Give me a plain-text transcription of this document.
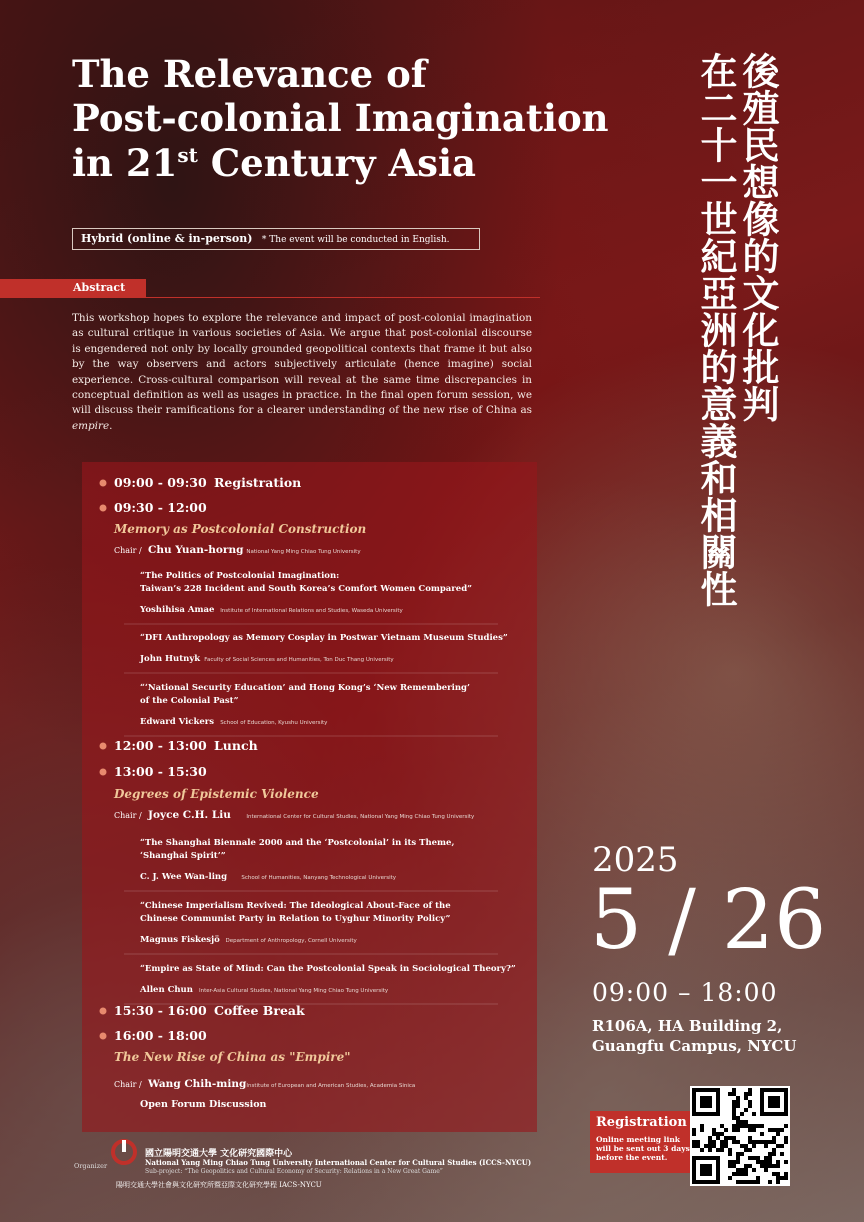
The Relevance of
Post-colonial Imagination
in 21st Century Asia
Hybrid (online & in-person) * The event will be conducted in English.	後殖民想像的文化批判
在二十一世紀亞洲的意義和相關性
Abstract

This workshop hopes to explore the relevance and impact of post-colonial imagination as cultural critique in various societies of Asia. We argue that post-colonial discourse is engendered not only by locally grounded geopolitical contexts that frame it but also by the way observers and actors subjectively articulate (hence imagine) social experience. Cross-cultural comparison will reveal at the same time discrepancies in conceptual definition as well as usages in practice. In the final open forum session, we will discuss their ramifications for a clearer understanding of the new rise of China as empire.

09:00 - 09:30 Registration
09:30 - 12:00
Memory as Postcolonial Construction
Chair / Chu Yuan-horng National Yang Ming Chiao Tung University
“The Politics of Postcolonial Imagination:
Taiwan’s 228 Incident and South Korea’s Comfort Women Compared”
Yoshihisa Amae Institute of International Relations and Studies, Waseda University
“DFI Anthropology as Memory Cosplay in Postwar Vietnam Museum Studies”
John Hutnyk Faculty of Social Sciences and Humanities, Ton Duc Thang University
“‘National Security Education’ and Hong Kong’s ‘New Remembering’
of the Colonial Past”
Edward Vickers School of Education, Kyushu University
12:00 - 13:00 Lunch
13:00 - 15:30
Degrees of Epistemic Violence
Chair / Joyce C.H. Liu	International Center for Cultural Studies, National Yang Ming Chiao Tung University
“The Shanghai Biennale 2000 and the ‘Postcolonial’ in its Theme,
‘Shanghai Spirit’”
C. J. Wee Wan-ling	School of Humanities, Nanyang Technological University
“Chinese Imperialism Revived: The Ideological About-Face of the
Chinese Communist Party in Relation to Uyghur Minority Policy”
Magnus Fiskesjö Department of Anthropology, Cornell University
“Empire as State of Mind: Can the Postcolonial Speak in Sociological Theory?”
Allen Chun Inter-Asia Cultural Studies, National Yang Ming Chiao Tung University
15:30 - 16:00 Coffee Break
16:00 - 18:00
The New Rise of China as "Empire"
Chair / Wang Chih-ming Institute of European and American Studies, Academia Sinica
Open Forum Discussion
2025
5 / 26
09:00 – 18:00
R106A, HA Building 2,
Guangfu Campus, NYCU
Registration
Online meeting link will be sent out 3 days before the event.
Organizer
國立陽明交通大學 文化研究國際中心
National Yang Ming Chiao Tung University International Center for Cultural Studies (ICCS-NYCU)
Sub-project: “The Geopolitics and Cultural Economy of Security: Relations in a New Great Game”
陽明交通大學社會與文化研究所暨亞際文化研究學程 IACS-NYCU
